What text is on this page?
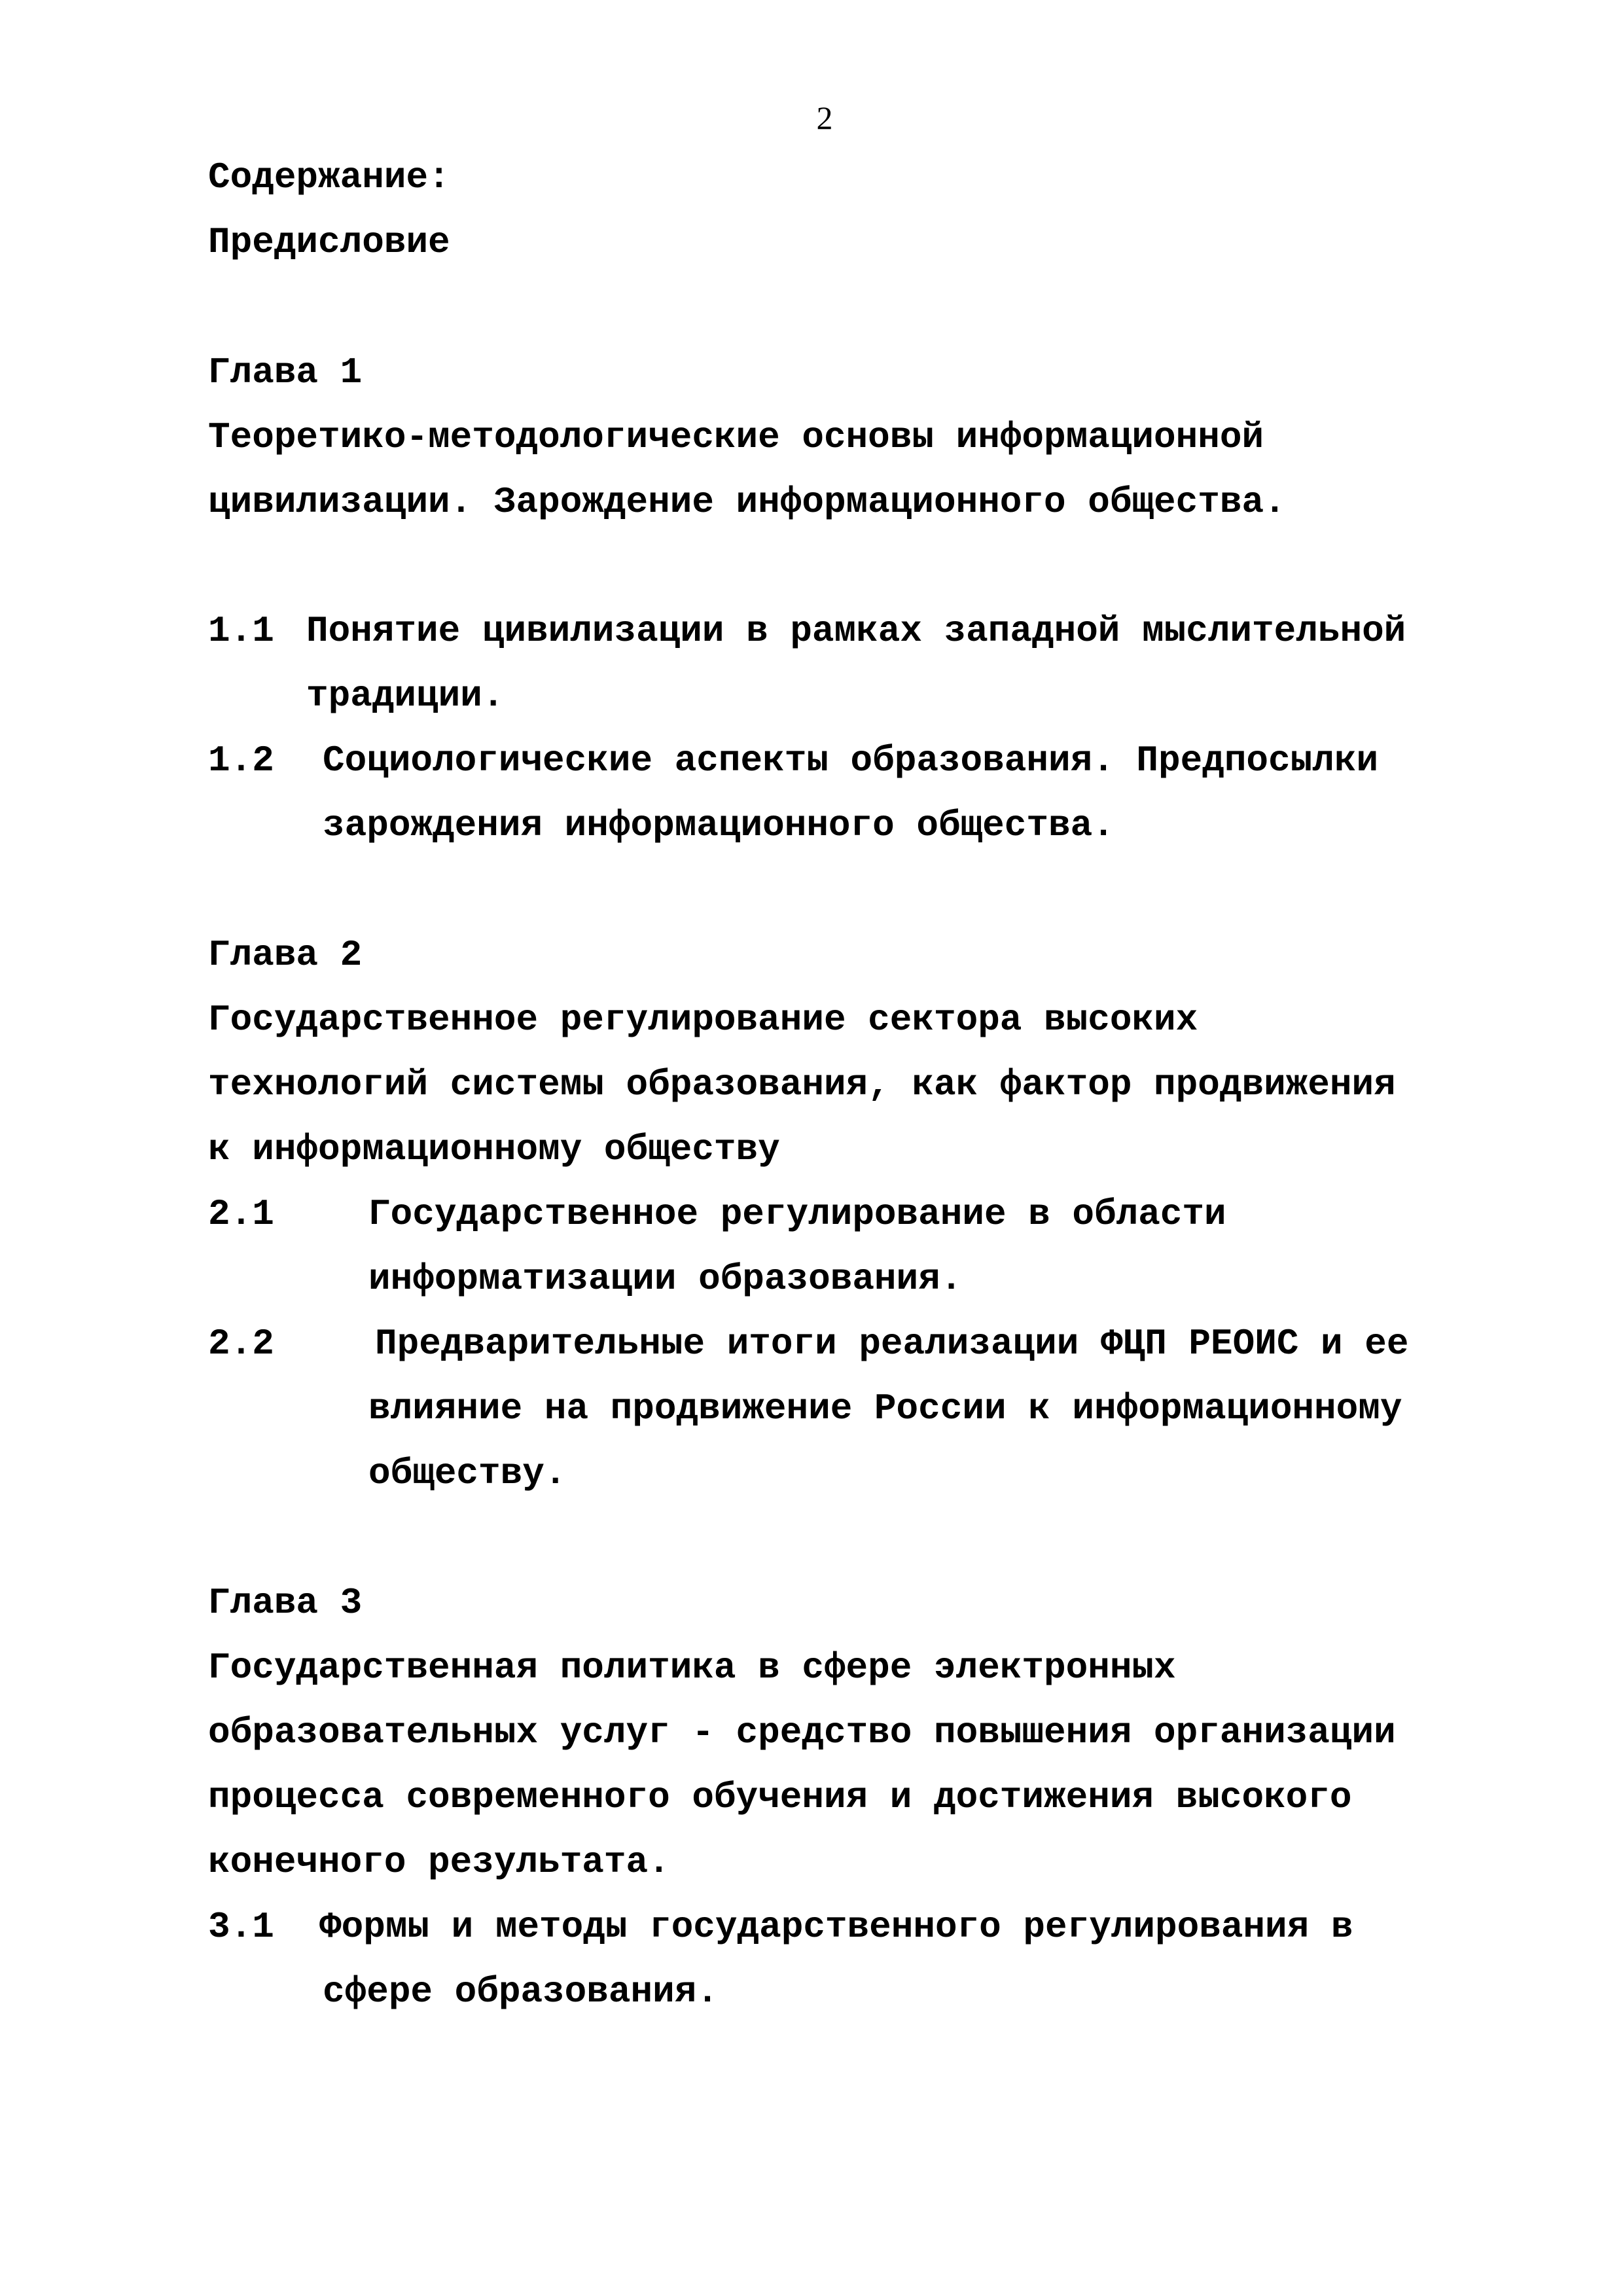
2
Содержание:
Предисловие
Глава 1
Теоретико-методологические основы информационной
цивилизации. Зарождение информационного общества.
1.1 Понятие цивилизации в рамках западной мыслительной
традиции.
1.2 Социологические аспекты образования. Предпосылки
зарождения информационного общества.
Глава 2
Государственное регулирование сектора высоких
технологий системы образования, как фактор продвижения
к информационному обществу
2.1	Государственное регулирование в области
информатизации образования.
2.2	Предварительные итоги реализации ФЦП РЕОИС и ее
влияние на продвижение России к информационному
обществу.
Глава 3
Государственная политика в сфере электронных
образовательных услуг - средство повышения организации
процесса современного обучения и достижения высокого
конечного результата.
3.1 Формы и методы государственного регулирования в
сфере образования.
